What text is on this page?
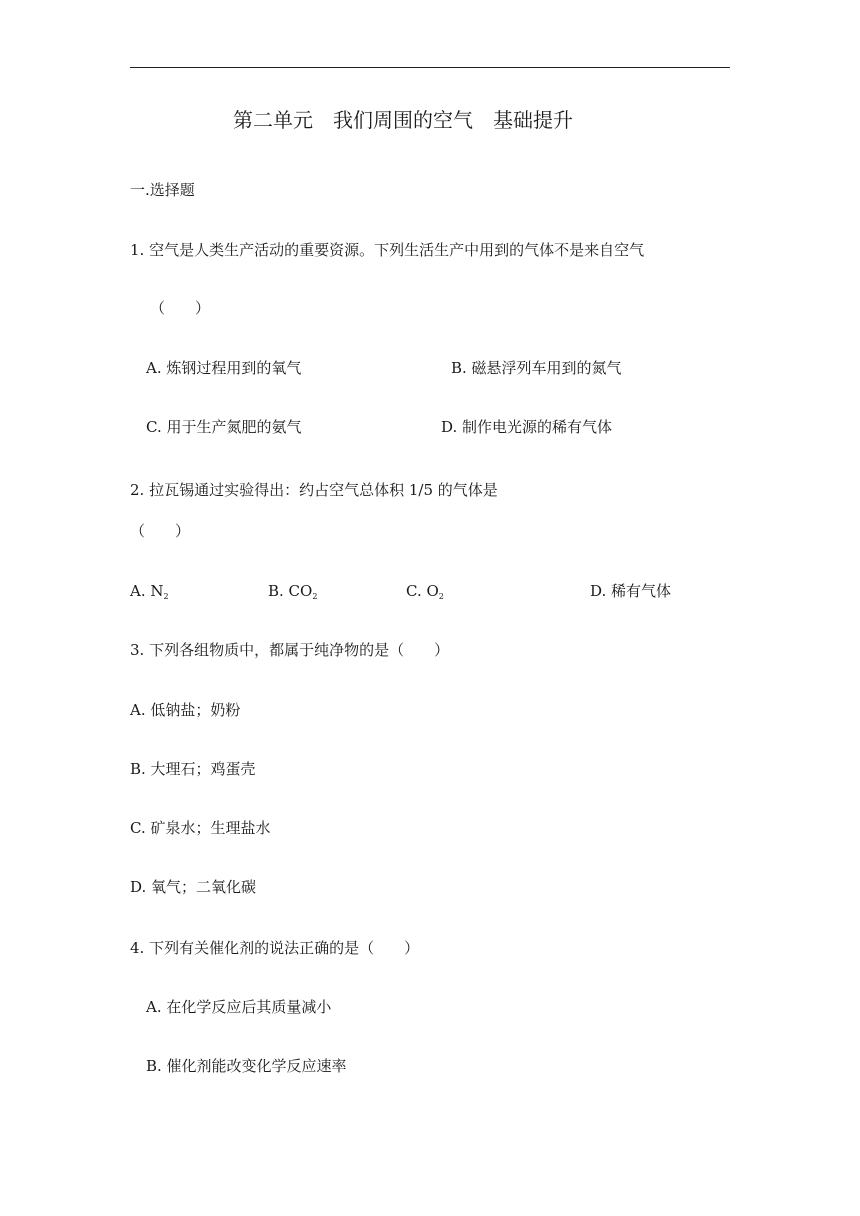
第二单元　我们周围的空气　基础提升
一.选择题
1. 空气是人类生产活动的重要资源。下列生活生产中用到的气体不是来自空气
（　　）
A. 炼钢过程用到的氧气	B. 磁悬浮列车用到的氮气
C. 用于生产氮肥的氨气	D. 制作电光源的稀有气体
2. 拉瓦锡通过实验得出：约占空气总体积 1/5 的气体是
（　　）
A. $N_2$	B. $CO_2$	C. $O_2$	D. 稀有气体
3. 下列各组物质中，都属于纯净物的是（　　）
A. 低钠盐；奶粉
B. 大理石；鸡蛋壳
C. 矿泉水；生理盐水
D. 氧气；二氧化碳
4. 下列有关催化剂的说法正确的是（　　）
A. 在化学反应后其质量减小
B. 催化剂能改变化学反应速率
